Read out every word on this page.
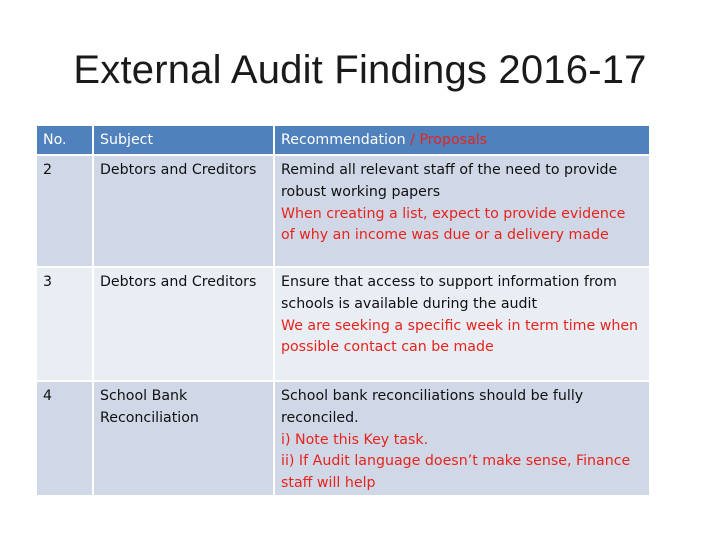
External Audit Findings 2016-17
No.	Subject	Recommendation / Proposals
2	Debtors and Creditors	Remind all relevant staff of the need to provide robust working papers
When creating a list, expect to provide evidence of why an income was due or a delivery made

3	Debtors and Creditors	Ensure that access to support information from schools is available during the audit
We are seeking a specific week in term time when possible contact can be made

4	School Bank Reconciliation	School bank reconciliations should be fully reconciled.
i) Note this Key task.
ii) If Audit language doesn’t make sense, Finance staff will help
